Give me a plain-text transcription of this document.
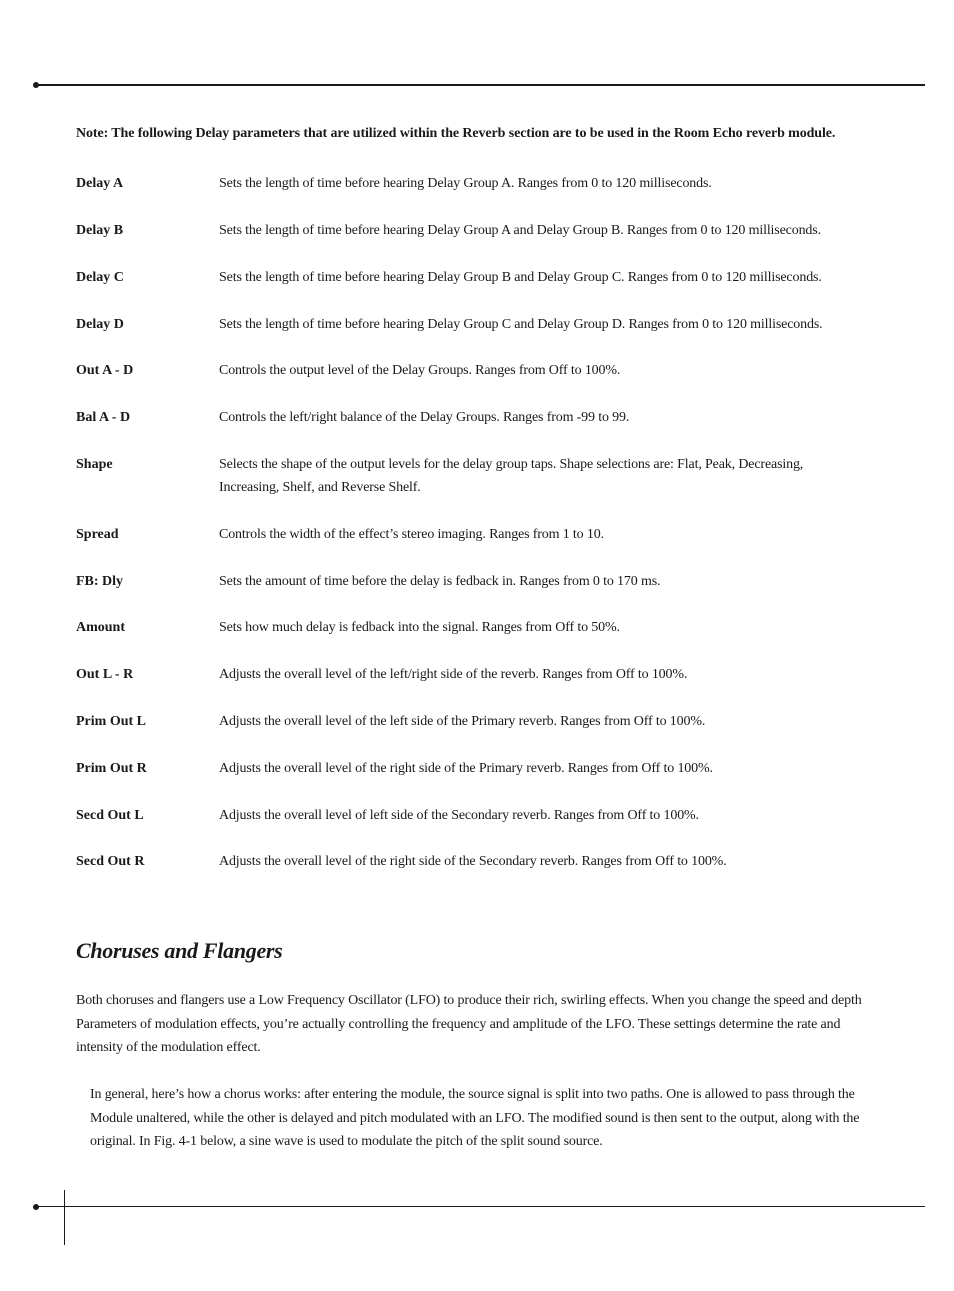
Note: The following Delay parameters that are utilized within the Reverb section are to be used in the Room Echo reverb module.
Delay A	Sets the length of time before hearing Delay Group A. Ranges from 0 to 120 milliseconds.
Delay B	Sets the length of time before hearing Delay Group A and Delay Group B. Ranges from 0 to 120 milliseconds.
Delay C	Sets the length of time before hearing Delay Group B and Delay Group C. Ranges from 0 to 120 milliseconds.
Delay D	Sets the length of time before hearing Delay Group C and Delay Group D. Ranges from 0 to 120 milliseconds.
Out A - D	Controls the output level of the Delay Groups. Ranges from Off to 100%.
Bal A - D	Controls the left/right balance of the Delay Groups. Ranges from -99 to 99.
Shape	Selects the shape of the output levels for the delay group taps. Shape selections are: Flat, Peak, Decreasing, Increasing, Shelf, and Reverse Shelf.
Spread	Controls the width of the effect’s stereo imaging. Ranges from 1 to 10.
FB: Dly	Sets the amount of time before the delay is fedback in. Ranges from 0 to 170 ms.
Amount	Sets how much delay is fedback into the signal. Ranges from Off to 50%.
Out L - R	Adjusts the overall level of the left/right side of the reverb. Ranges from Off to 100%.
Prim Out L	Adjusts the overall level of the left side of the Primary reverb. Ranges from Off to 100%.
Prim Out R	Adjusts the overall level of the right side of the Primary reverb. Ranges from Off to 100%.
Secd Out L	Adjusts the overall level of left side of the Secondary reverb. Ranges from Off to 100%.
Secd Out R	Adjusts the overall level of the right side of the Secondary reverb. Ranges from Off to 100%.
Choruses and Flangers
Both choruses and flangers use a Low Frequency Oscillator (LFO) to produce their rich, swirling effects. When you change the speed and depth Parameters of modulation effects, you’re actually controlling the frequency and amplitude of the LFO. These settings determine the rate and intensity of the modulation effect.
In general, here’s how a chorus works: after entering the module, the source signal is split into two paths. One is allowed to pass through the Module unaltered, while the other is delayed and pitch modulated with an LFO. The modified sound is then sent to the output, along with the original. In Fig. 4-1 below, a sine wave is used to modulate the pitch of the split sound source.
